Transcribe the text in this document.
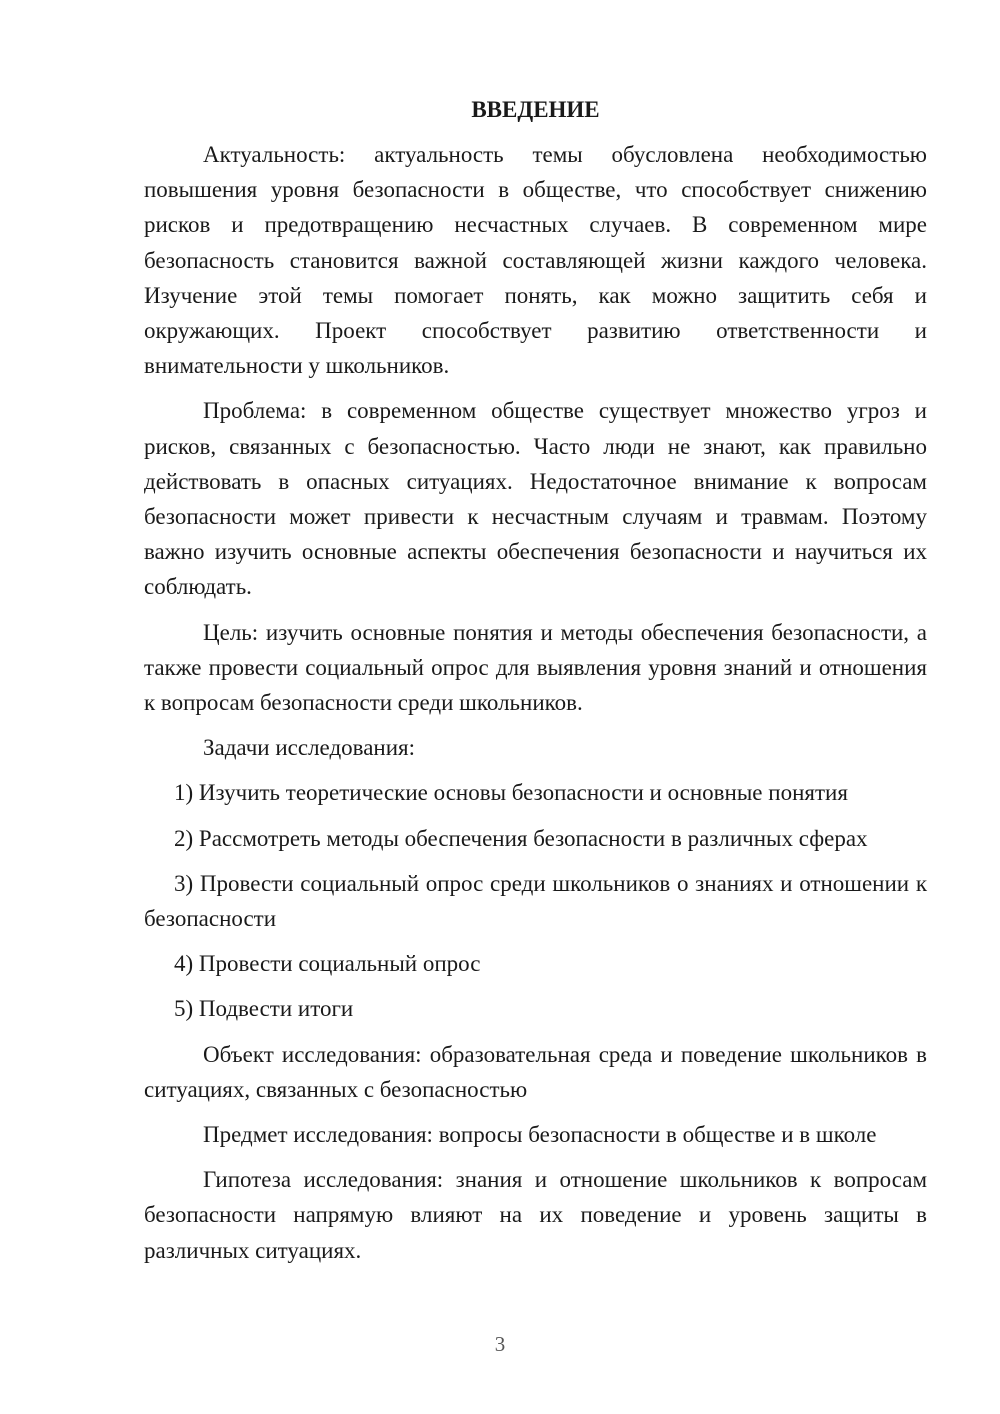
ВВЕДЕНИЕ

Актуальность: актуальность темы обусловлена необходимостью повышения уровня безопасности в обществе, что способствует снижению рисков и предотвращению несчастных случаев. В современном мире безопасность становится важной составляющей жизни каждого человека. Изучение этой темы помогает понять, как можно защитить себя и окружающих. Проект способствует развитию ответственности и внимательности у школьников.

Проблема: в современном обществе существует множество угроз и рисков, связанных с безопасностью. Часто люди не знают, как правильно действовать в опасных ситуациях. Недостаточное внимание к вопросам безопасности может привести к несчастным случаям и травмам. Поэтому важно изучить основные аспекты обеспечения безопасности и научиться их соблюдать.

Цель: изучить основные понятия и методы обеспечения безопасности, а также провести социальный опрос для выявления уровня знаний и отношения к вопросам безопасности среди школьников.

Задачи исследования:

1) Изучить теоретические основы безопасности и основные понятия
2) Рассмотреть методы обеспечения безопасности в различных сферах
3) Провести социальный опрос среди школьников о знаниях и отношении к безопасности
4) Провести социальный опрос
5) Подвести итоги

Объект исследования: образовательная среда и поведение школьников в ситуациях, связанных с безопасностью

Предмет исследования: вопросы безопасности в обществе и в школе

Гипотеза исследования: знания и отношение школьников к вопросам безопасности напрямую влияют на их поведение и уровень защиты в различных ситуациях.

3
